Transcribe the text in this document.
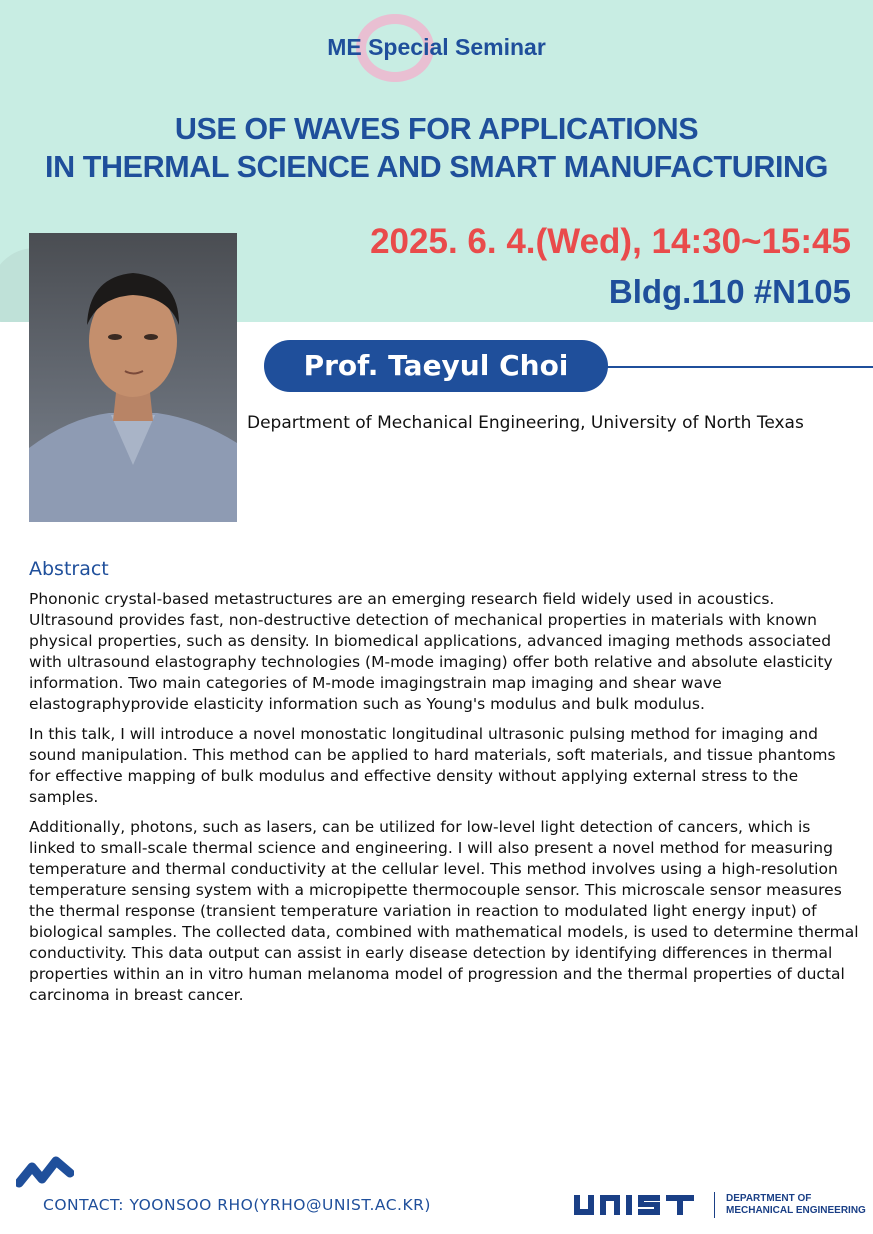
ME Special Seminar
USE OF WAVES FOR APPLICATIONS
IN THERMAL SCIENCE AND SMART MANUFACTURING
2025. 6. 4.(Wed), 14:30~15:45
Bldg.110 #N105
Prof. Taeyul Choi
Department of Mechanical Engineering, University of North Texas
Abstract

Phononic crystal-based metastructures are an emerging research field widely used in acoustics. Ultrasound provides fast, non-destructive detection of mechanical properties in materials with known physical properties, such as density. In biomedical applications, advanced imaging methods associated with ultrasound elastography technologies (M-mode imaging) offer both relative and absolute elasticity information. Two main categories of M-mode imagingstrain map imaging and shear wave elastographyprovide elasticity information such as Young's modulus and bulk modulus.

In this talk, I will introduce a novel monostatic longitudinal ultrasonic pulsing method for imaging and sound manipulation. This method can be applied to hard materials, soft materials, and tissue phantoms for effective mapping of bulk modulus and effective density without applying external stress to the samples.

Additionally, photons, such as lasers, can be utilized for low-level light detection of cancers, which is linked to small-scale thermal science and engineering. I will also present a novel method for measuring temperature and thermal conductivity at the cellular level. This method involves using a high-resolution temperature sensing system with a micropipette thermocouple sensor. This microscale sensor measures the thermal response (transient temperature variation in reaction to modulated light energy input) of biological samples. The collected data, combined with mathematical models, is used to determine thermal conductivity. This data output can assist in early disease detection by identifying differences in thermal properties within an in vitro human melanoma model of progression and the thermal properties of ductal carcinoma in breast cancer.

CONTACT: YOONSOO RHO(YRHO@UNIST.AC.KR)	DEPARTMENT OF
MECHANICAL ENGINEERING
